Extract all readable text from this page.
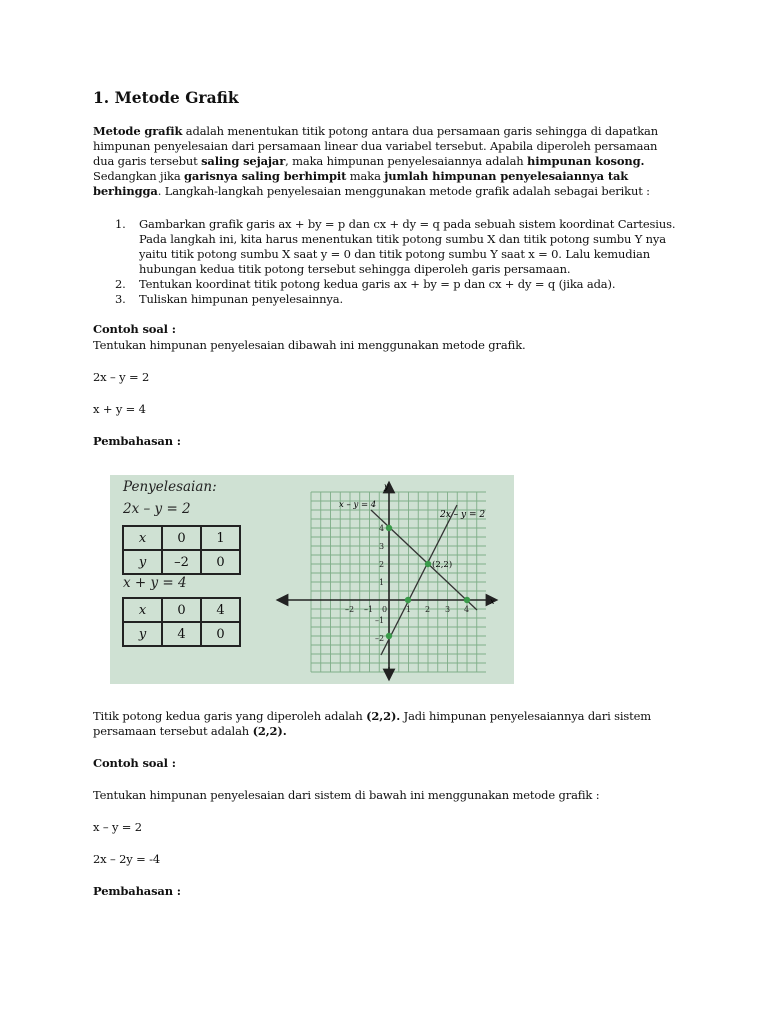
1. Metode Grafik
Metode grafik adalah menentukan titik potong antara dua persamaan garis sehingga di dapatkan
himpunan penyelesaian dari persamaan linear dua variabel tersebut. Apabila diperoleh persamaan
dua garis tersebut saling sejajar, maka himpunan penyelesaiannya adalah himpunan kosong.
Sedangkan jika garisnya saling berhimpit maka jumlah himpunan penyelesaiannya tak
berhingga. Langkah-langkah penyelesaian menggunakan metode grafik adalah sebagai berikut :
1. Gambarkan grafik garis ax + by = p dan cx + dy = q pada sebuah sistem koordinat Cartesius.
Pada langkah ini, kita harus menentukan titik potong sumbu X dan titik potong sumbu Y nya
yaitu titik potong sumbu X saat y = 0 dan titik potong sumbu Y saat x = 0. Lalu kemudian
hubungan kedua titik potong tersebut sehingga diperoleh garis persamaan.
2. Tentukan koordinat titik potong kedua garis ax + by = p dan cx + dy = q (jika ada).
3. Tuliskan himpunan penyelesainnya.
Contoh soal :
Tentukan himpunan penyelesaian dibawah ini menggunakan metode grafik.
2x – y = 2
x + y = 4
Pembahasan :
Penyelesaian:
2x – y = 2
x	0	1
y	–2	0
x + y = 4
x	0	4
y	4	0
y
x
x – y = 4
2x – y = 2
(2,2)
–2 –1 0 1 2 3 4
4
3
2
1
–1
–2
Titik potong kedua garis yang diperoleh adalah (2,2). Jadi himpunan penyelesaiannya dari sistem
persamaan tersebut adalah (2,2).
Contoh soal :
Tentukan himpunan penyelesaian dari sistem di bawah ini menggunakan metode grafik :
x – y = 2
2x – 2y = -4
Pembahasan :
